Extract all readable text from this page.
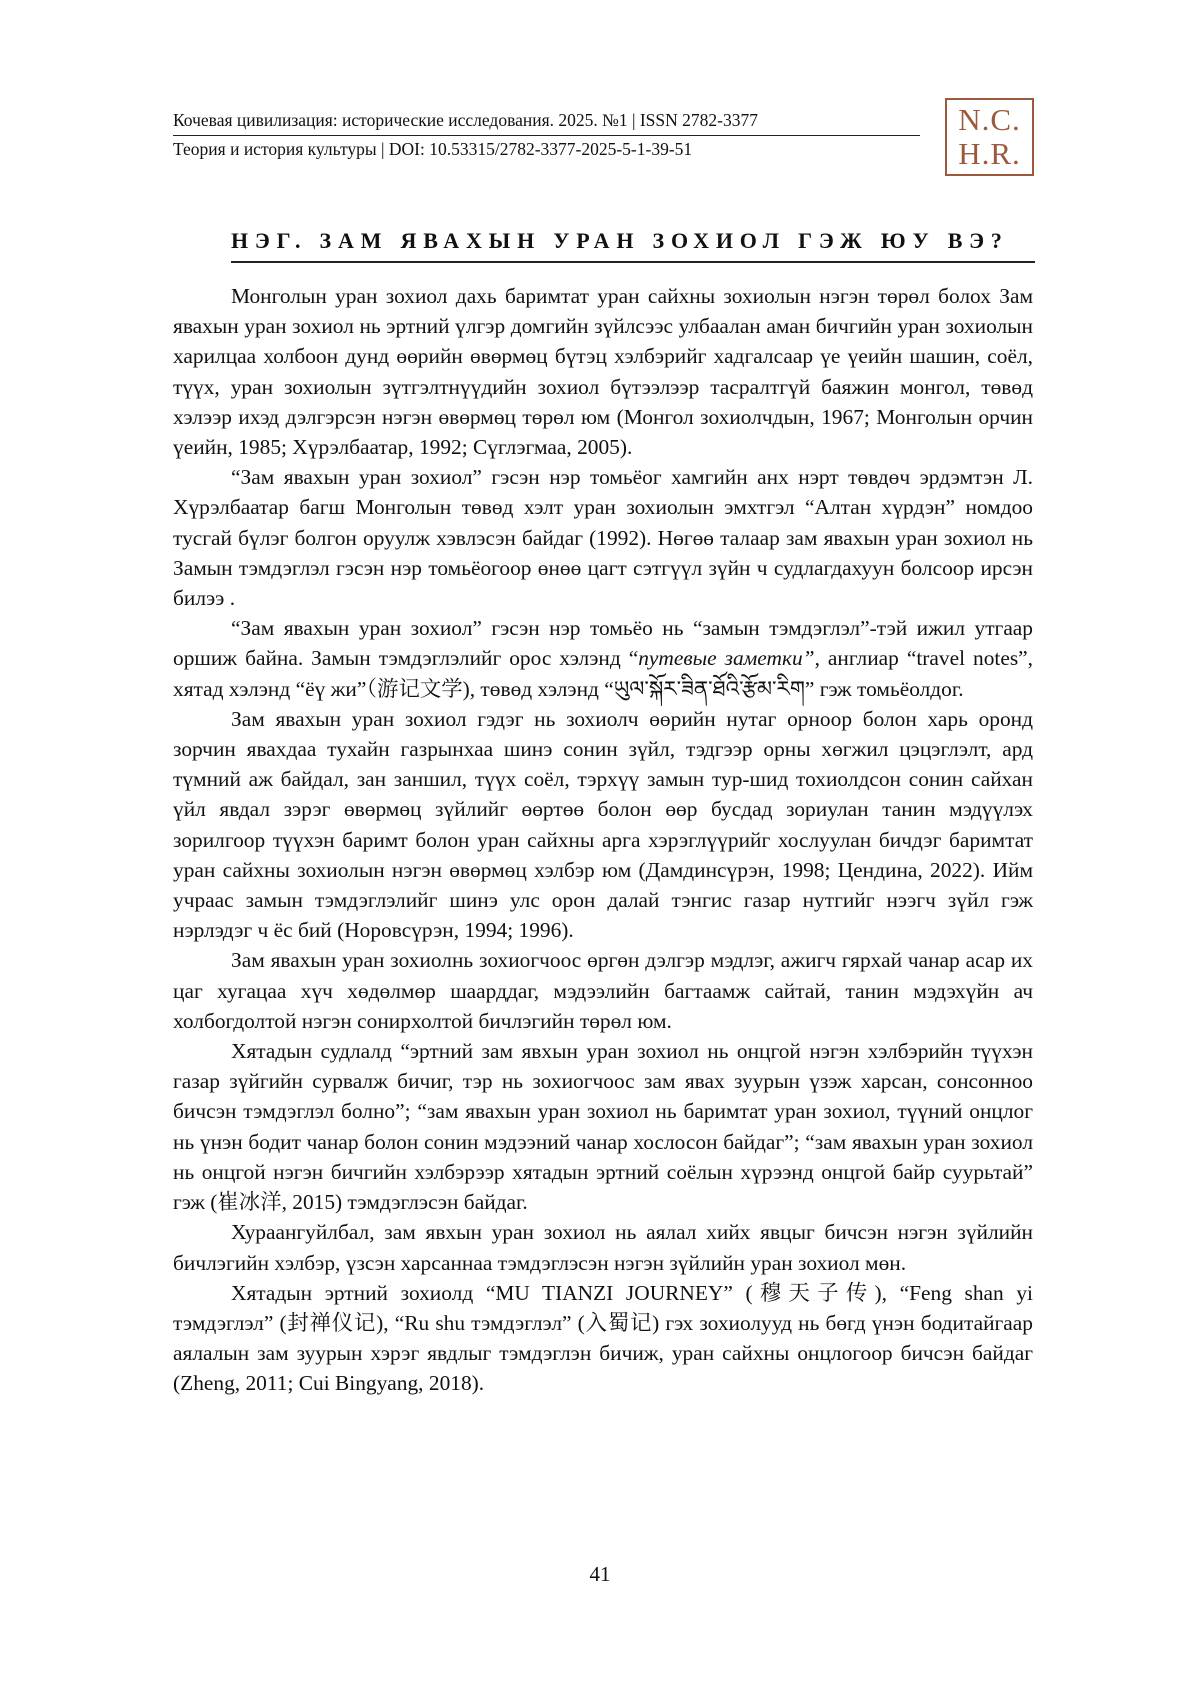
Кочевая цивилизация: исторические исследования. 2025. №1 | ISSN 2782-3377
Теория и история культуры | DOI: 10.53315/2782-3377-2025-5-1-39-51
N.C.
H.R.
НЭГ. ЗАМ ЯВАХЫН УРАН ЗОХИОЛ ГЭЖ ЮУ ВЭ?

Монголын уран зохиол дахь баримтат уран сайхны зохиолын нэгэн төрөл болох Зам явахын уран зохиол нь эртний үлгэр домгийн зүйлсээс улбаалан аман бичгийн уран зохиолын харилцаа холбоон дунд өөрийн өвөрмөц бүтэц хэлбэрийг хадгалсаар үе үеийн шашин, соёл, түүх, уран зохиолын зүтгэлтнүүдийн зохиол бүтээлээр тасралтгүй баяжин монгол, төвөд хэлээр ихэд дэлгэрсэн нэгэн өвөрмөц төрөл юм (Монгол зохиолчдын, 1967; Монголын орчин үеийн, 1985; Хүрэлбаатар, 1992; Сүглэгмаа, 2005).

“Зам явахын уран зохиол” гэсэн нэр томьёог хамгийн анх нэрт төвдөч эрдэмтэн Л. Хүрэлбаатар багш Монголын төвөд хэлт уран зохиолын эмхтгэл “Алтан хүрдэн” номдоо тусгай бүлэг болгон оруулж хэвлэсэн байдаг (1992). Нөгөө талаар зам явахын уран зохиол нь Замын тэмдэглэл гэсэн нэр томьёогоор өнөө цагт сэтгүүл зүйн ч судлагдахуун болсоор ирсэн билээ .

“Зам явахын уран зохиол” гэсэн нэр томьёо нь “замын тэмдэглэл”-тэй ижил утгаар оршиж байна. Замын тэмдэглэлийг орос хэлэнд “путевые заметки”, англиар “travel notes”, хятад хэлэнд “ёү жи”（游记文学), төвөд хэлэнд “ཡུལ་སྐོར་ཟིན་ཐོའི་རྩོམ་རིག” гэж томьёолдог.

Зам явахын уран зохиол гэдэг нь зохиолч өөрийн нутаг орноор болон харь оронд зорчин явахдаа тухайн газрынхаа шинэ сонин зүйл, тэдгээр орны хөгжил цэцэглэлт, ард түмний аж байдал, зан заншил, түүх соёл, тэрхүү замын тур-шид тохиолдсон сонин сайхан үйл явдал зэрэг өвөрмөц зүйлийг өөртөө болон өөр бусдад зориулан танин мэдүүлэх зорилгоор түүхэн баримт болон уран сайхны арга хэрэглүүрийг хослуулан бичдэг баримтат уран сайхны зохиолын нэгэн өвөрмөц хэлбэр юм (Дамдинсүрэн, 1998; Цендина, 2022). Ийм учраас замын тэмдэглэлийг шинэ улс орон далай тэнгис газар нутгийг нээгч зүйл гэж нэрлэдэг ч ёс бий (Норовсүрэн, 1994; 1996).

Зам явахын уран зохиолнь зохиогчоос өргөн дэлгэр мэдлэг, ажигч гярхай чанар асар их цаг хугацаа хүч хөдөлмөр шаарддаг, мэдээлийн багтаамж сайтай, танин мэдэхүйн ач холбогдолтой нэгэн сонирхолтой бичлэгийн төрөл юм.

Хятадын судлалд “эртний зам явхын уран зохиол нь онцгой нэгэн хэлбэрийн түүхэн газар зүйгийн сурвалж бичиг, тэр нь зохиогчоос зам явах зуурын үзэж харсан, сонсонноо бичсэн тэмдэглэл болно”; “зам явахын уран зохиол нь баримтат уран зохиол, түүний онцлог нь үнэн бодит чанар болон сонин мэдээний чанар хослосон байдаг”; “зам явахын уран зохиол нь онцгой нэгэн бичгийн хэлбэрээр хятадын эртний соёлын хүрээнд онцгой байр суурьтай” гэж (崔冰洋, 2015) тэмдэглэсэн байдаг.

Хураангуйлбал, зам явхын уран зохиол нь аялал хийх явцыг бичсэн нэгэн зүйлийн бичлэгийн хэлбэр, үзсэн харсаннаа тэмдэглэсэн нэгэн зүйлийн уран зохиол мөн.

Хятадын эртний зохиолд “MU TIANZI JOURNEY” (穆天子传), “Feng shan yi тэмдэглэл” (封禅仪记), “Ru shu тэмдэглэл” (入蜀记) гэх зохиолууд нь бөгд үнэн бодитайгаар аялалын зам зуурын хэрэг явдлыг тэмдэглэн бичиж, уран сайхны онцлогоор бичсэн байдаг (Zheng, 2011; Cui Bingyang, 2018).

41
